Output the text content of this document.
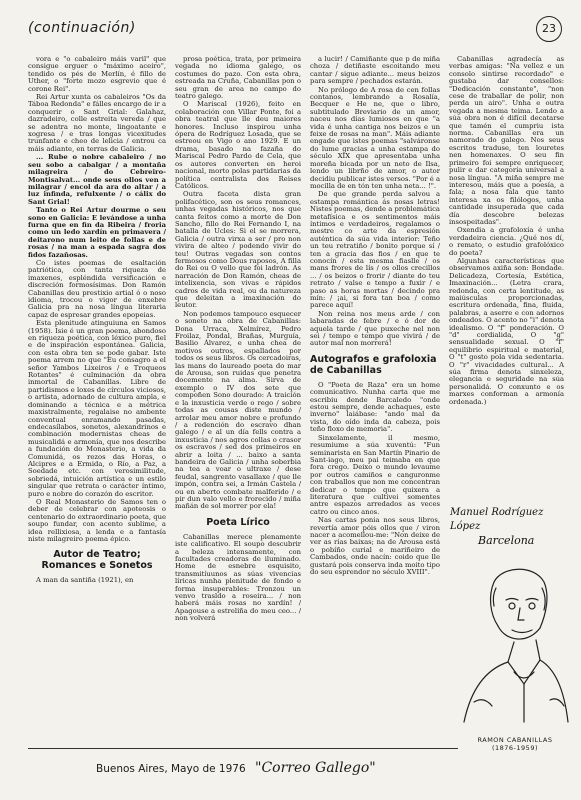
(continuación)	23

vora e "o cabaleiro máis varil" que consigue erguer o "máximo aceiro", tendido os pés de Merlín, é fillo de Uther, o "forte mozo esgrevio que é corone Rei".

Rei Artur xunta os cabaleiros "Os da Táboa Redonda" e fálles encargo de ir a conquerir o Sant Grial: Galahaz, dazradeiro, colle estreita vereda / que se adentra no monte, lingoatante e xogresa / e tras longas vicexitudes trunfante e cheo de lelicia / entrou ca máis adiante, en terras de Galicia.

... Rube o nobre cabaleiro / no seu sobo a cabalgar / a montaña milagreira / do Cebreiro-Montisalvat... onde seus ollos ven a milagrar / encol da ara do altar / a luz infinda, refulxente / o cálix do Sant Grial!

Tanto o Rei Artur dourme o seu sono en Galicia: E levándose a unha furna que en fin da Ribeira / froria como un ledo xardín en primavera / deitarono num leito de follas e de rosas / na man a espada sagra dos fidos fazañosas.

Co istes poemas de esaltación patriótica, con tanta riqueza de imaxenes, espléndida versificación e discreción formosísimas. Don Ramón Cabanillas deu prestixio artial ó o noso idioma, trocou o vigor de enxebre Galicia pra na nosa língua literaria capaz de espresar grandes epopeias.

Esta plenitude atinguiuna en Samos (1958). Isie é un gran poema, abondoso en riqueza poética, con léxico puro, fiel e de inspiración espontánea. Galicia, con esta obra ten se pode gabar. Iste poema arrem no que "Eu consagro a el señor Yambos Lixeiros / e Troqueos Rotantes" é culminación da obra inmortal de Cabanillas. Libre de partidismos e loxes de círculos viciosos, o artista, adornado de cultura ampla, e dominando a técnica e a métrica maxistralmente, regalaise no ambente conventual enramando pasadas, endecasílabos, sonetos, alexandrinos e combinación modernistas cheas de musicalidá e armonía, que nos describe a fundación do Monasterio, a vida da Comunidá, os rezos das Horas, o Alcipres e a Ermida, o Río, a Paz, a Soedade etc. con verosimilitude, sobriedá, intuición artística e un estilo singular que retrata o carácter íntimo, puro e nobre do corazón do escritor.

O Real Monasterio de Samos ten o deber de celebrar con apoteosis o centenario do extraordinario poeta, que soupo fundar, con acento sublime, a idea rellixiosa, a lenda e a fantasía niste milagreiro poema épico.

Autor de Teatro; Romances e Sonetos

A man da santiña (1921), en

prosa poética, trata, por primeira vegada no idioma galego, os costumes do pazo. Con esta obra, estreada na Cruña, Cabanillas pon o seu gran de area no campo do teatro galego.

O Mariscal (1926), feito en colaboración con Villar Ponte, foi a obra teatral que lle deu maiores honores. Incluso inspirou unha ópera de Rodríguez Losada, que se estreou en Vigo o ano 1929. E un drama, basado na fazaña do Mariscal Pedro Pardo de Cela, que os autores converten en heroi nacional, morto polas partidarias da política centralista dos Reises Católicos.

Outra faceta dista gran polifacético, son os seus romances, unhas vegadas históricos, nos que canta feitos como a morte de Don Sancho, fillo do Rei Fernando I, na batalla de Ucles: Si el se morrera, Galicia / outra virxa a ser / pro non vivira de alteo / podendo vivir do teu! Outras vegadas son contos fermosos como Dous raposos, A filla do Rei ou O vello que foi ladrón. As narración de Don Ramón, cheas de intelixencia, son vivas e rápidos cadros de vida real, ou da natureza que deleitan a imaxinación do leutor.

Non podemos tampouco esquecer o soneto na obra de Cabanillas: Dona Urraca, Xelmírez, Pedro Froilaz, Pondal, Brañas, Murguía, Basilio Álvarez, e unha chea de motivos outros, espallados por todos os seus libros. Os cercadoiras, las mans do laureado poeta do mar de Arousa, son ruidas que penetra docemente na alma. Sirva de exemplo o IV dos sete que compoñen Sono dourado: A traición e la inxusticia verde o rego / sobre todas as cousas diste mundo / arrolar meu amor nobre e profundo / a redención do escravo dhan galego / e al un día fells contra a inxusticia / nos agros collas o crasor os escravos / sed dos primeiros en abrir a loita / ... baixo a santa bandeira de Galicia / unha soberbia na tea a voar o ultraxe / dese feudal, sangrento vasallaxe / que lle impón, contra sei, a Irmán Castela / ou en aberto combate malferido / e pir dun valo vello e frorecido / miña mañán de sol morrer por ela!

Poeta Lírico

Cabanillas merece plenamente iste calificativo. El soupo descubrir a beleza intensamente, con facultades creadoras de iluminado. Home de esnebre esquisito, transmitíuunos as súas vivencias líricas nunha plenitude de fondo e forma insuperables: Tronzou un venvo trasldo a roseira... / non haberá máis rosas no xardín! / Apagouse a estreliña do meu ceo... / non volverá

a lucir! / Camiñante que p de miña choza / detiñaste escoitando meu cantar / sigue adiante... meus beizos para sempre / pechados estarán.

No prólogo de A rosa de cen follas contanos, lembrando a Rosalía, Becquer e He ne, que o libro, subtitulado Breviario de un amor, naceu nos días lumiosos en que "a vida é unha cantiga nos beizos e un feixe de rosas na man". Máis adiante engade que istes poemas "salváronse do lume gracias a unha estampa do século XIX que apresentaba unha moreña bicada por un neto de Ilsa, lendo un librño de amor, o autor decidiu publicar istes versos. "Por é a mocilla de en tón ten unha neta... !".

De que grande perda salvou a estampa romántica ás nosas letras! Nistes poemas, dende a problemática metafísica e os sentimentos máis íntimos e verdadeiros, regalamos o mestre co arte da espresión auténtica da súa vida interior: Teño un teu retratiño / bonito porque sí / ten a gracia das fios / en que te conocín / esta mesma fiaslle / os mans frores de lís / os ollos crecillos ... / os beizos o frorir / diante do teu retrato / valse e tempo a fuxir / e paso as horas mortas / decindo pra mín: / ¡ai, si fora tan boa / como parece aquí!

Non reina nos meus arde / con labaradas de febre / e ó dor de aquela tarde / que puxeche nel non sei / tempo e tempo que vivirá / de autor mal non morrerá!

Autografos e grafoloxia de Cabanillas

O "Poeta de Raza" era un home comunicativo. Nunha carta que me escribiu dende Barcaledo "onde estou sempre, dende achaques, este inverno" laiábase: "ando mal da vista, do oído inda da cabeza, pois teño floxo de memoria".

Sinxelamente, il mesmo, resumiume a súa xuventú: "Fun seminarista en San Martín Pinario de Sant-iago, meu pai teimaba en que fora crego. Deixo o mundo levaume por outros camiños e canguronme con traballos que non me concentran dedicar o tempo que quixera a literatura que cultivei somentes antre espazos arredados as veces catro ou cinco anos.

Nas cartas ponia nos seus libros, revertía amor póis ollos que / viron nacer a acomellou-me: "Non deixe de ver as rías baixas; na de Arousa está o pobíño curial e mariñeiro de Cambados, onde nacín: coido que lle gustará pois conserva inda moito tipo do seu esprendor no século XVIII".

Cabanillas agradecía as verbas amigas: "Na vellez e un consolo sintirse recordado" e gustaba dar consellos: "Dedicación constante", "non cese de traballar de polir, non perda un airo". Unha e outra vegada a mesma teima. Lendo a súa obra non é difícil decatarse que tamén el cumpriu ista norma. Cabanillas era un namorado do galego. Nos seus escritos traduse, ten louretes nen homenaxes. O seu fin primeiro foi sempre enriquecer, pulir e dar categoría universal a nosa língua. "A miña sempre me interesou, máis que a poesía, a fala; a nosa fala que tanto interesa xa os filólogos, unha cantidade insuperada que cada día descobre belezas insospeitadas".

Oxendia a grafoloxía é unha verdadeira ciencia. ¿Qué nos dí, o remato, o estudio grafolóxico do poeta?

Algunhas características que observamos axiña son: Bondade. Delicadeza, Cortesía, Estética, Imaxinación... (Letra crara, redonda, con certa lentitude, as maiúsculas proporcionadas, escritura ordenada, fina, fluida, palabras, a aserre e con adornos ondeados. O acento no "i" denota idealismo. O "f" ponderación. O "d" cordialida, O "g" sensualidade sexual. O "f" equilibrio espiritual e material, O "t" gosto pola vida sedentaria. O "r" vivacidades cultural... A súa firma denota sinxeleza, elegancia e seguridade na súa personalidá. O conxunto e os marxes conforman a armonía ordenada.)

Manuel Rodríguez López
Barcelona
RAMON CABANILLAS
(1876-1959)
Buenos Aires, Mayo de 1976 "Correo Gallego"
